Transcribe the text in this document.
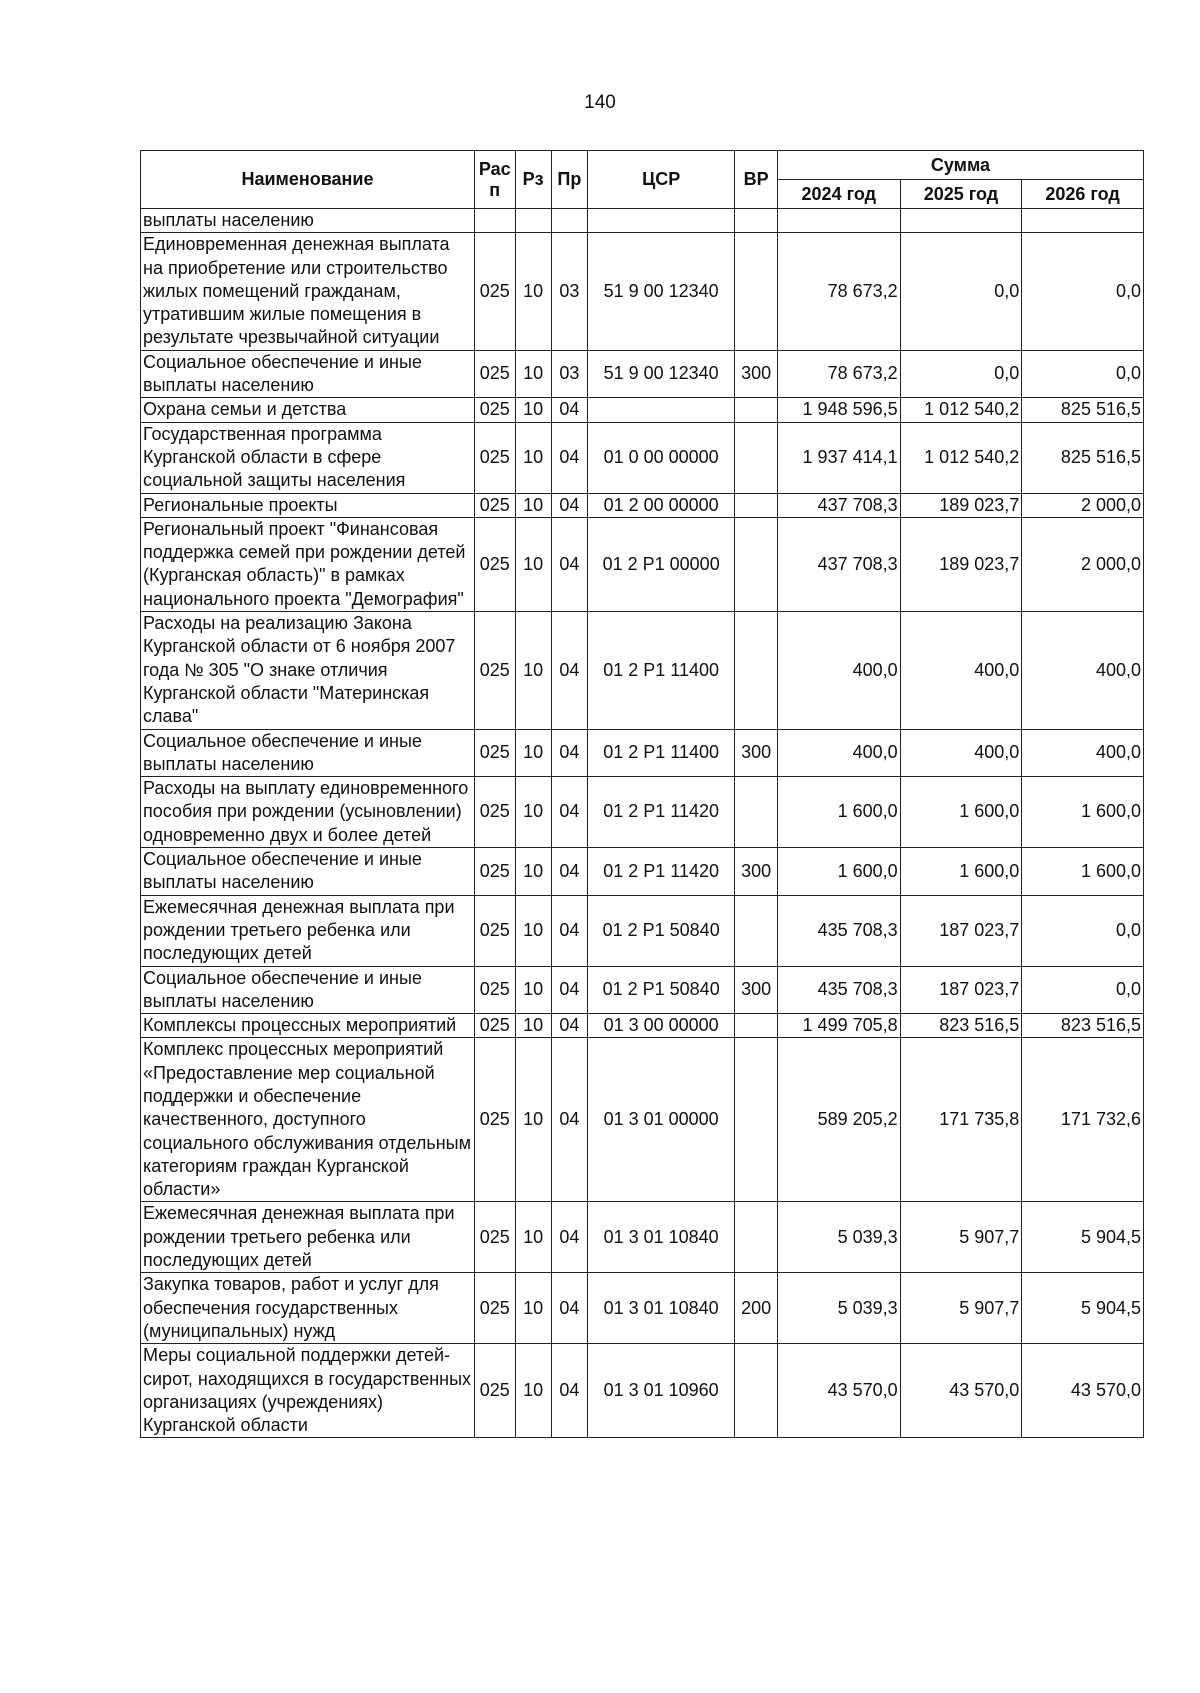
140
Наименование	Рас п	Рз	Пр	ЦСР	ВР	Сумма		
						2024 год	2025 год	2026 год
выплаты населению								
Единовременная денежная выплата на приобретение или строительство жилых помещений гражданам, утратившим жилые помещения в результате чрезвычайной ситуации	025	10	03	51 9 00 12340		78 673,2	0,0	0,0
Социальное обеспечение и иные выплаты населению	025	10	03	51 9 00 12340	300	78 673,2	0,0	0,0
Охрана семьи и детства	025	10	04			1 948 596,5	1 012 540,2	825 516,5
Государственная программа Курганской области в сфере социальной защиты населения	025	10	04	01 0 00 00000		1 937 414,1	1 012 540,2	825 516,5
Региональные проекты	025	10	04	01 2 00 00000		437 708,3	189 023,7	2 000,0
Региональный проект "Финансовая поддержка семей при рождении детей (Курганская область)" в рамках национального проекта "Демография"	025	10	04	01 2 P1 00000		437 708,3	189 023,7	2 000,0
Расходы на реализацию Закона Курганской области от 6 ноября 2007 года № 305 "О знаке отличия Курганской области "Материнская слава"	025	10	04	01 2 P1 11400		400,0	400,0	400,0
Социальное обеспечение и иные выплаты населению	025	10	04	01 2 P1 11400	300	400,0	400,0	400,0
Расходы на выплату единовременного пособия при рождении (усыновлении) одновременно двух и более детей	025	10	04	01 2 P1 11420		1 600,0	1 600,0	1 600,0
Социальное обеспечение и иные выплаты населению	025	10	04	01 2 P1 11420	300	1 600,0	1 600,0	1 600,0
Ежемесячная денежная выплата при рождении третьего ребенка или последующих детей	025	10	04	01 2 P1 50840		435 708,3	187 023,7	0,0
Социальное обеспечение и иные выплаты населению	025	10	04	01 2 P1 50840	300	435 708,3	187 023,7	0,0
Комплексы процессных мероприятий	025	10	04	01 3 00 00000		1 499 705,8	823 516,5	823 516,5
Комплекс процессных мероприятий «Предоставление мер социальной поддержки и обеспечение качественного, доступного социального обслуживания отдельным категориям граждан Курганской области»	025	10	04	01 3 01 00000		589 205,2	171 735,8	171 732,6
Ежемесячная денежная выплата при рождении третьего ребенка или последующих детей	025	10	04	01 3 01 10840		5 039,3	5 907,7	5 904,5
Закупка товаров, работ и услуг для обеспечения государственных (муниципальных) нужд	025	10	04	01 3 01 10840	200	5 039,3	5 907,7	5 904,5
Меры социальной поддержки детей-сирот, находящихся в государственных организациях (учреждениях) Курганской области	025	10	04	01 3 01 10960		43 570,0	43 570,0	43 570,0
